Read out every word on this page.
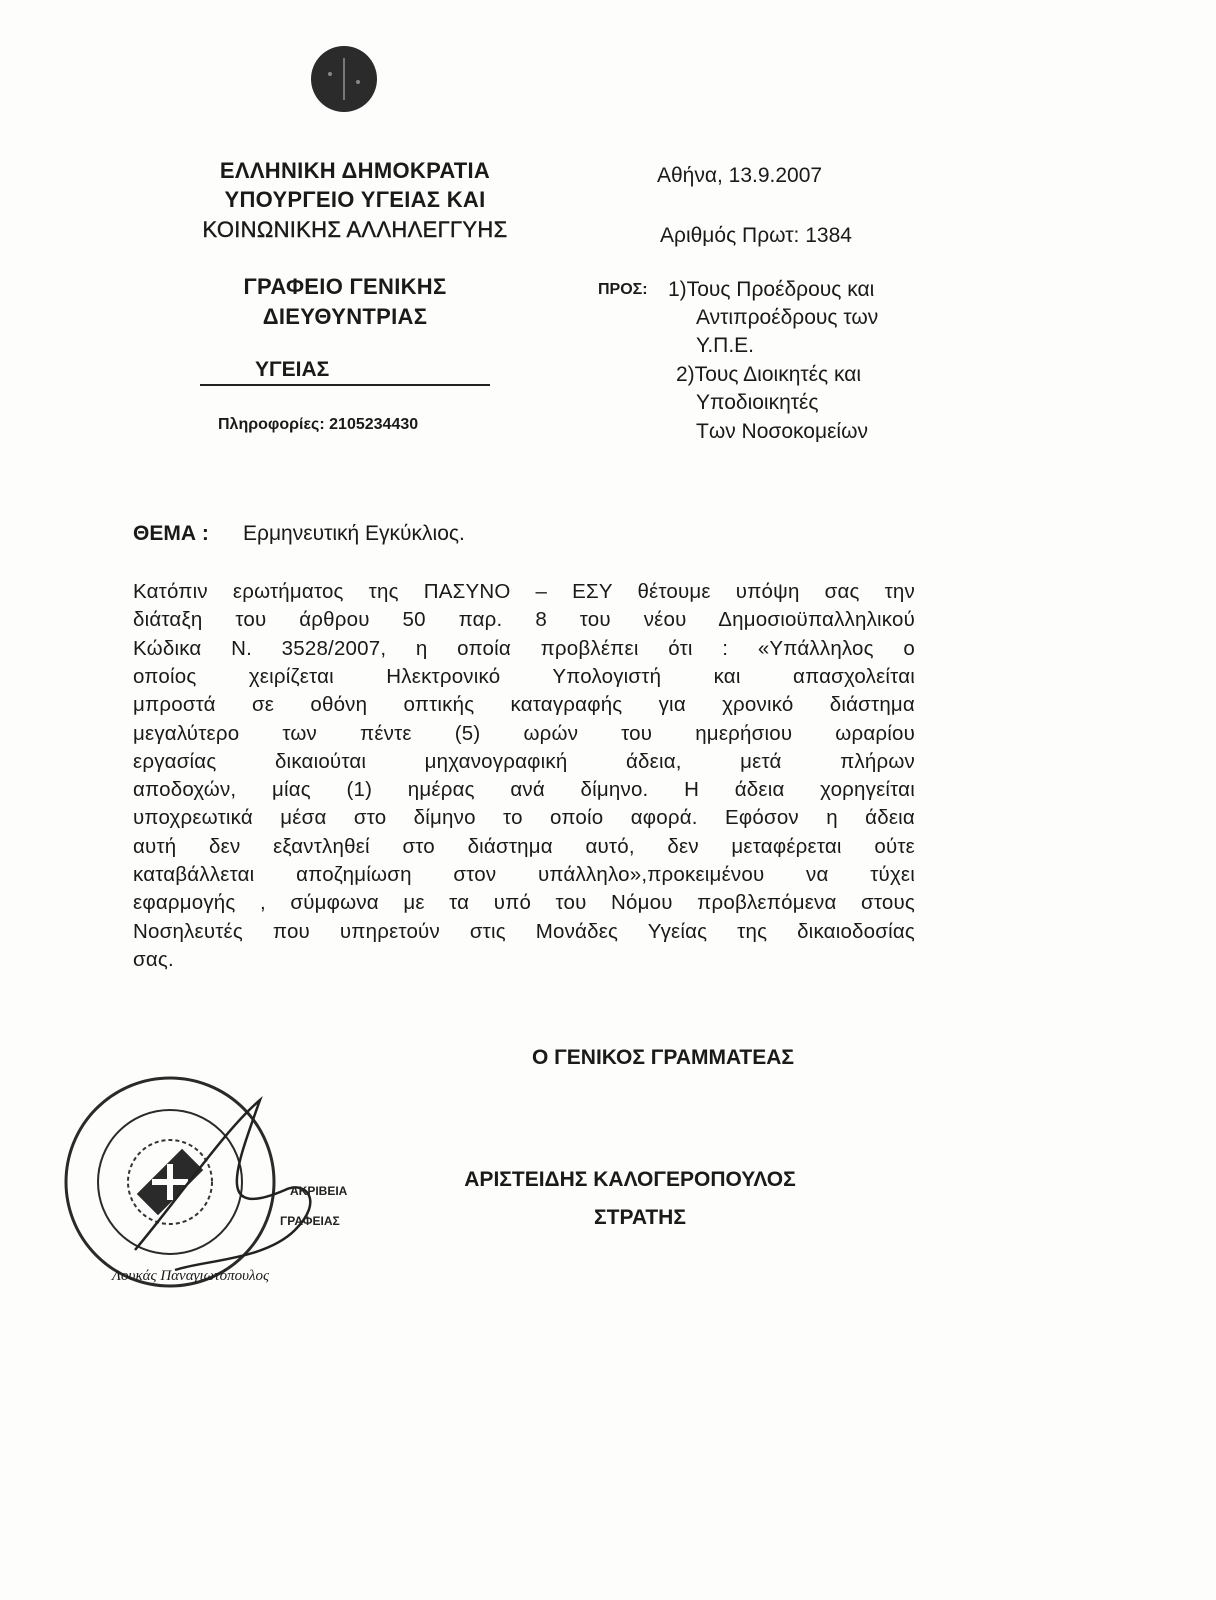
ΕΛΛΗΝΙΚΗ ΔΗΜΟΚΡΑΤΙΑ
ΥΠΟΥΡΓΕΙΟ ΥΓΕΙΑΣ ΚΑΙ
ΚΟΙΝΩΝΙΚΗΣ ΑΛΛΗΛΕΓΓΥΗΣ
ΓΡΑΦΕΙΟ ΓΕΝΙΚΗΣ
ΔΙΕΥΘΥΝΤΡΙΑΣ
ΥΓΕΙΑΣ
Πληροφορίες: 2105234430
Αθήνα, 13.9.2007
Αριθμός Πρωτ: 1384
ΠΡΟΣ: 1)Τους Προέδρους και
Αντιπροέδρους των
Υ.Π.Ε.
2)Τους Διοικητές και
Υποδιοικητές
Των Νοσοκομείων
ΘΕΜΑ : Ερμηνευτική Εγκύκλιος.
Κατόπιν ερωτήματος της ΠΑΣΥΝΟ – ΕΣΥ θέτουμε υπόψη σας την
διάταξη του άρθρου 50 παρ. 8 του νέου Δημοσιοϋπαλληλικού
Κώδικα Ν. 3528/2007, η οποία προβλέπει ότι : «Υπάλληλος ο
οποίος χειρίζεται Ηλεκτρονικό Υπολογιστή και απασχολείται
μπροστά σε οθόνη οπτικής καταγραφής για χρονικό διάστημα
μεγαλύτερο των πέντε (5) ωρών του ημερήσιου ωραρίου
εργασίας δικαιούται μηχανογραφική άδεια, μετά πλήρων
αποδοχών, μίας (1) ημέρας ανά δίμηνο. Η άδεια χορηγείται
υποχρεωτικά μέσα στο δίμηνο το οποίο αφορά. Εφόσον η άδεια
αυτή δεν εξαντληθεί στο διάστημα αυτό, δεν μεταφέρεται ούτε
καταβάλλεται αποζημίωση στον υπάλληλο»,προκειμένου να τύχει
εφαρμογής , σύμφωνα με τα υπό του Νόμου προβλεπόμενα στους
Νοσηλευτές που υπηρετούν στις Μονάδες Υγείας της δικαιοδοσίας
σας.
Ο ΓΕΝΙΚΟΣ ΓΡΑΜΜΑΤΕΑΣ
ΑΡΙΣΤΕΙΔΗΣ ΚΑΛΟΓΕΡΟΠΟΥΛΟΣ
ΣΤΡΑΤΗΣ
ΑΚΡΙΒΕΙΑ
ΓΡΑΦΕΙΑΣ
Λουκάς Παναγιωτόπουλος
